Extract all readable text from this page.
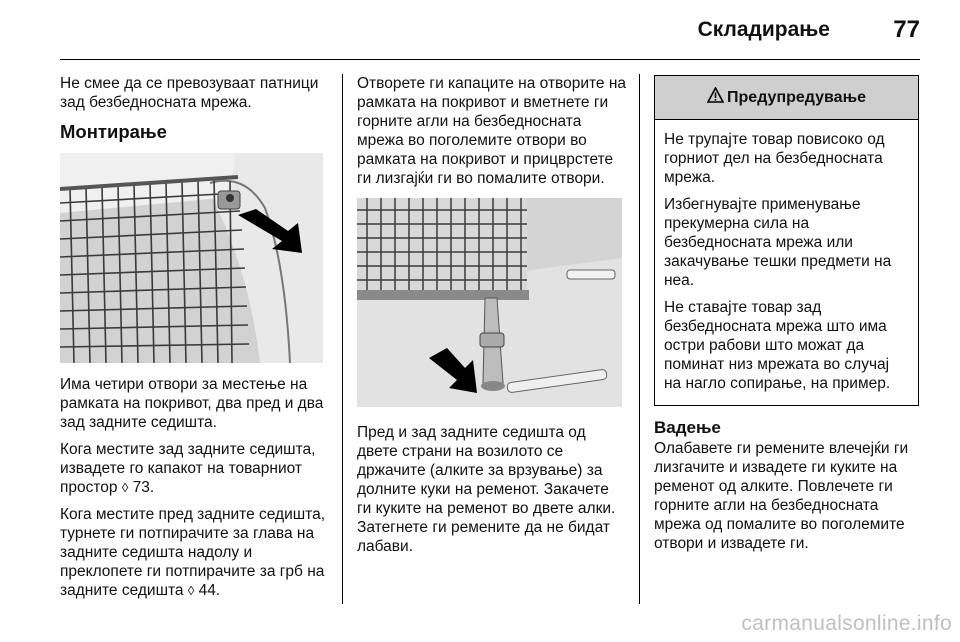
Складирање	77

Не смее да се превозуваат патници зад безбедносната мрежа.

Монтирање

Има четири отвори за местење на рамката на покривот, два пред и два зад задните седишта.

Кога местите зад задните седишта, извадете го капакот на товарниот простор ◊ 73.

Кога местите пред задните седишта, турнете ги потпирачите за глава на задните седишта надолу и преклопете ги потпирачите за грб на задните седишта ◊ 44.

Отворете ги капаците на отворите на рамката на покривот и вметнете ги горните агли на безбедносната мрежа во поголемите отвори во рамката на покривот и прицврстете ги лизгајќи ги во помалите отвори.

Пред и зад задните седишта од двете страни на возилото се држачите (алките за врзување) за долните куки на ременот. Закачете ги куките на ременот во двете алки. Затегнете ги ремените да не бидат лабави.

Предупредување

Не трупајте товар повисоко од горниот дел на безбедносната мрежа.

Избегнувајте применување прекумерна сила на безбедносната мрежа или закачување тешки предмети на неа.

Не ставајте товар зад безбедносната мрежа што има остри рабови што можат да поминат низ мрежата во случај на нагло сопирање, на пример.

Вадење

Олабавете ги ремените влечејќи ги лизгачите и извадете ги куките на ременот од алките. Повлечете ги горните агли на безбедносната мрежа од помалите во поголемите отвори и извадете ги.

carmanualsonline.info
